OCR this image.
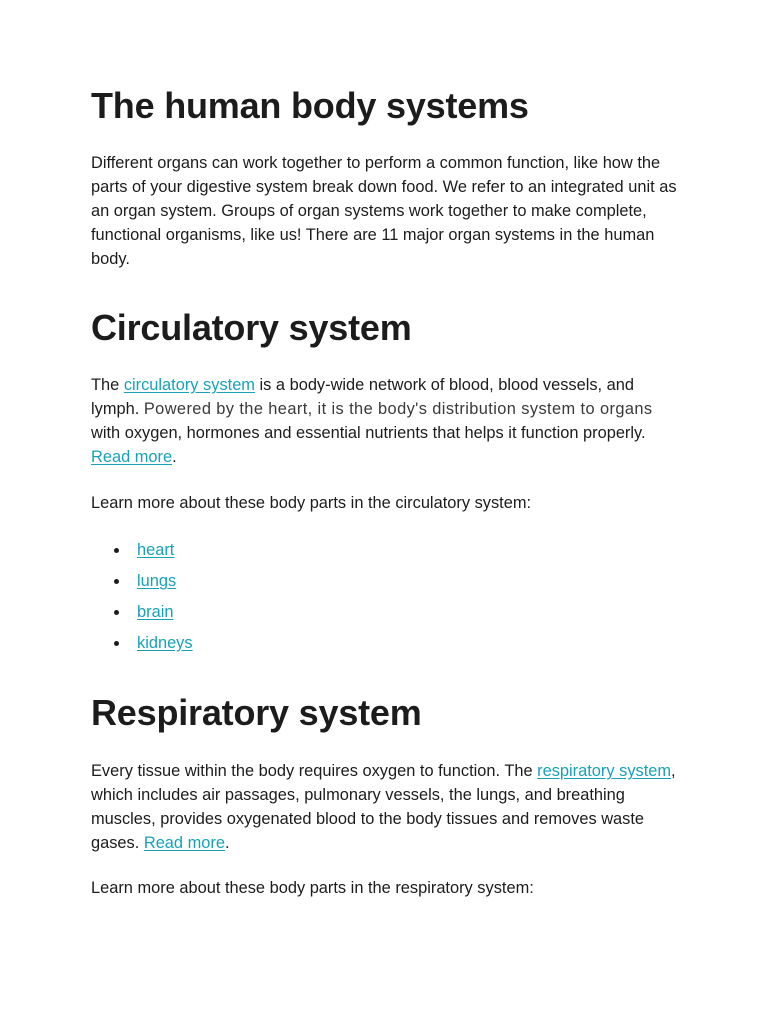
The human body systems

Different organs can work together to perform a common function, like how the parts of your digestive system break down food. We refer to an integrated unit as an organ system. Groups of organ systems work together to make complete, functional organisms, like us! There are 11 major organ systems in the human body.

Circulatory system

The circulatory system is a body-wide network of blood, blood vessels, and lymph. Powered by the heart, it is the body's distribution system to organs with oxygen, hormones and essential nutrients that helps it function properly. Read more.

Learn more about these body parts in the circulatory system:

heart
lungs
brain
kidneys
Respiratory system

Every tissue within the body requires oxygen to function. The respiratory system, which includes air passages, pulmonary vessels, the lungs, and breathing muscles, provides oxygenated blood to the body tissues and removes waste gases. Read more.

Learn more about these body parts in the respiratory system:
